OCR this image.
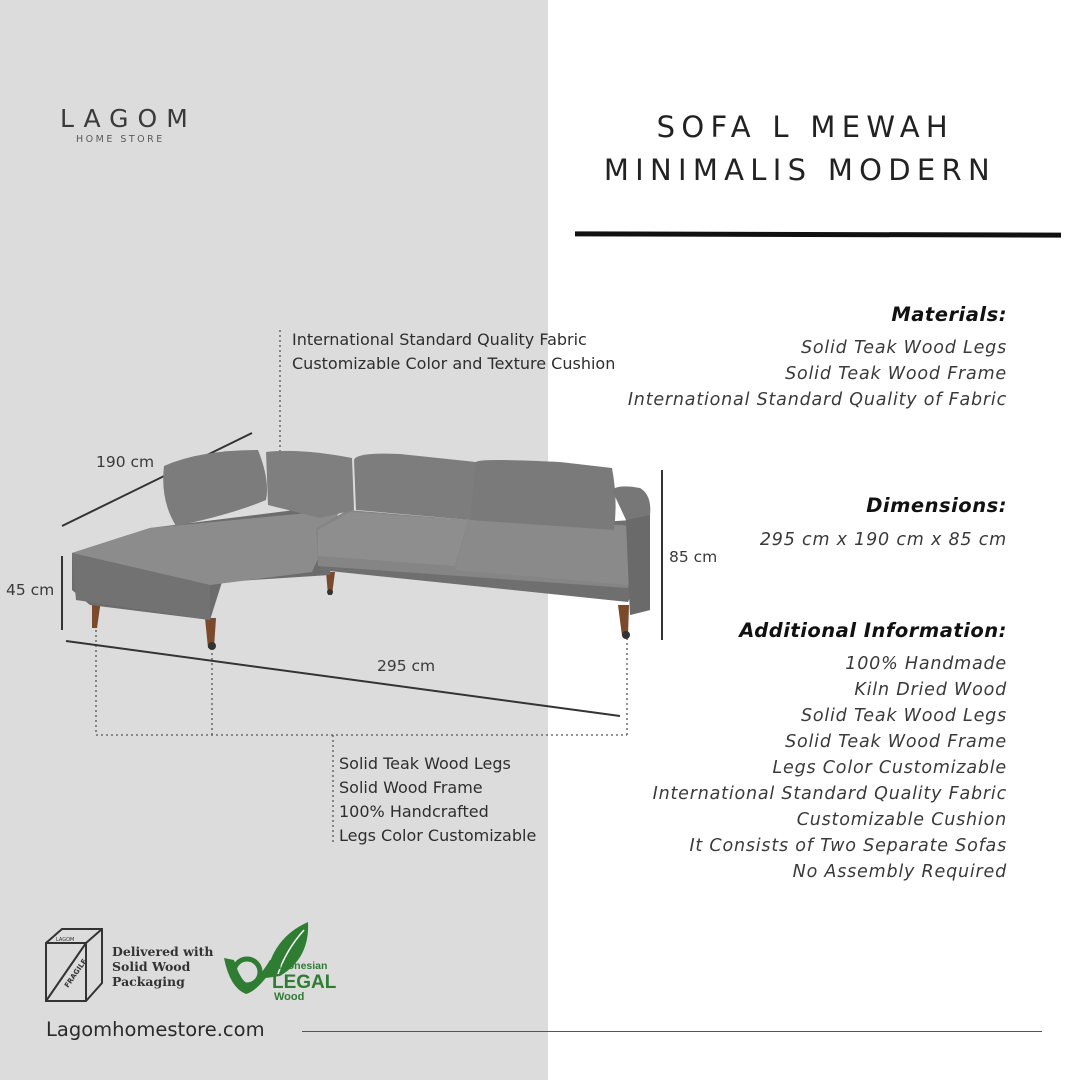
LAGOM
HOME STORE	SOFA L MEWAH
MINIMALIS MODERN
International Standard Quality Fabric
Customizable Color and Texture Cushion
Solid Teak Wood Legs
Solid Wood Frame
100% Handcrafted
Legs Color Customizable
190 cm
45 cm
85 cm
295 cm
Materials:
Solid Teak Wood Legs
Solid Teak Wood Frame
International Standard Quality of Fabric
Dimensions:
295 cm x 190 cm x 85 cm
Additional Information:
100% Handmade
Kiln Dried Wood
Solid Teak Wood Legs
Solid Teak Wood Frame
Legs Color Customizable
International Standard Quality Fabric
Customizable Cushion
It Consists of Two Separate Sofas
No Assembly Required
LAGOM
FRAGILE
Delivered with
Solid Wood
Packaging
Indonesian
LEGAL
Wood
Lagomhomestore.com
